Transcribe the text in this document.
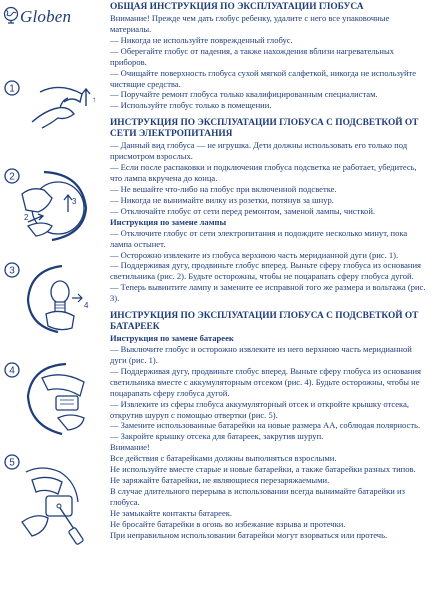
Globen
1
↑
2
2
3
3
4
4
5
ОБЩАЯ ИНСТРУКЦИЯ ПО ЭКСПЛУАТАЦИИ ГЛОБУСА

Внимание! Прежде чем дать глобус ребенку, удалите с него все упаковочные материалы.

— Никогда не используйте поврежденный глобус.

— Оберегайте глобус от падения, а также нахождения вблизи нагревательных приборов.

— Очищайте поверхность глобуса сухой мягкой салфеткой, никогда не используйте чистящие средства.

— Поручайте ремонт глобуса только квалифицированным специалистам.

— Используйте глобус только в помещении.

ИНСТРУКЦИЯ ПО ЭКСПЛУАТАЦИИ ГЛОБУСА С ПОДСВЕТКОЙ ОТ СЕТИ ЭЛЕКТРОПИТАНИЯ

— Данный вид глобуса — не игрушка. Дети должны использовать его только под присмотром взрослых.

— Если после распаковки и подключения глобуса подсветка не работает, убедитесь, что лампа вкручена до конца.

— Не вешайте что-либо на глобус при включенной подсветке.

— Никогда не вынимайте вилку из розетки, потянув за шнур.

— Отключайте глобус от сети перед ремонтом, заменой лампы, чисткой.

Инструкция по замене лампы

— Отключите глобус от сети электропитания и подождите несколько минут, пока лампа остынет.

— Осторожно извлеките из глобуса верхнюю часть меридианной дуги (рис. 1).

— Поддерживая дугу, продвиньте глобус вперед. Выньте сферу глобуса из основания светильника (рис. 2). Будьте осторожны, чтобы не поцарапать сферу глобуса дугой.

— Теперь вывинтите лампу и замените ее исправной того же размера и вольтажа (рис. 3).

ИНСТРУКЦИЯ ПО ЭКСПЛУАТАЦИИ ГЛОБУСА С ПОДСВЕТКОЙ ОТ БАТАРЕЕК

Инструкция по замене батареек

— Выключите глобус и осторожно извлеките из него верхнюю часть меридианной дуги (рис. 1).

— Поддерживая дугу, продвиньте глобус вперед. Выньте сферу глобуса из основания светильника вместе с аккумуляторным отсеком (рис. 4). Будьте осторожны, чтобы не поцарапать сферу глобуса дугой.

— Извлеките из сферы глобуса аккумуляторный отсек и откройте крышку отсека, открутив шуруп с помощью отвертки (рис. 5).

— Замените использованные батарейки на новые размера AA, соблюдая полярность.

— Закройте крышку отсека для батареек, закрутив шуруп.

Внимание!

Все действия с батарейками должны выполняться взрослыми.

Не используйте вместе старые и новые батарейки, а также батарейки разных типов.

Не заряжайте батарейки, не являющиеся перезаряжаемыми.

В случае длительного перерыва в использовании всегда вынимайте батарейки из глобуса.

Не замыкайте контакты батареек.

Не бросайте батарейки в огонь во избежание взрыва и протечки.

При неправильном использовании батарейки могут взорваться или протечь.
